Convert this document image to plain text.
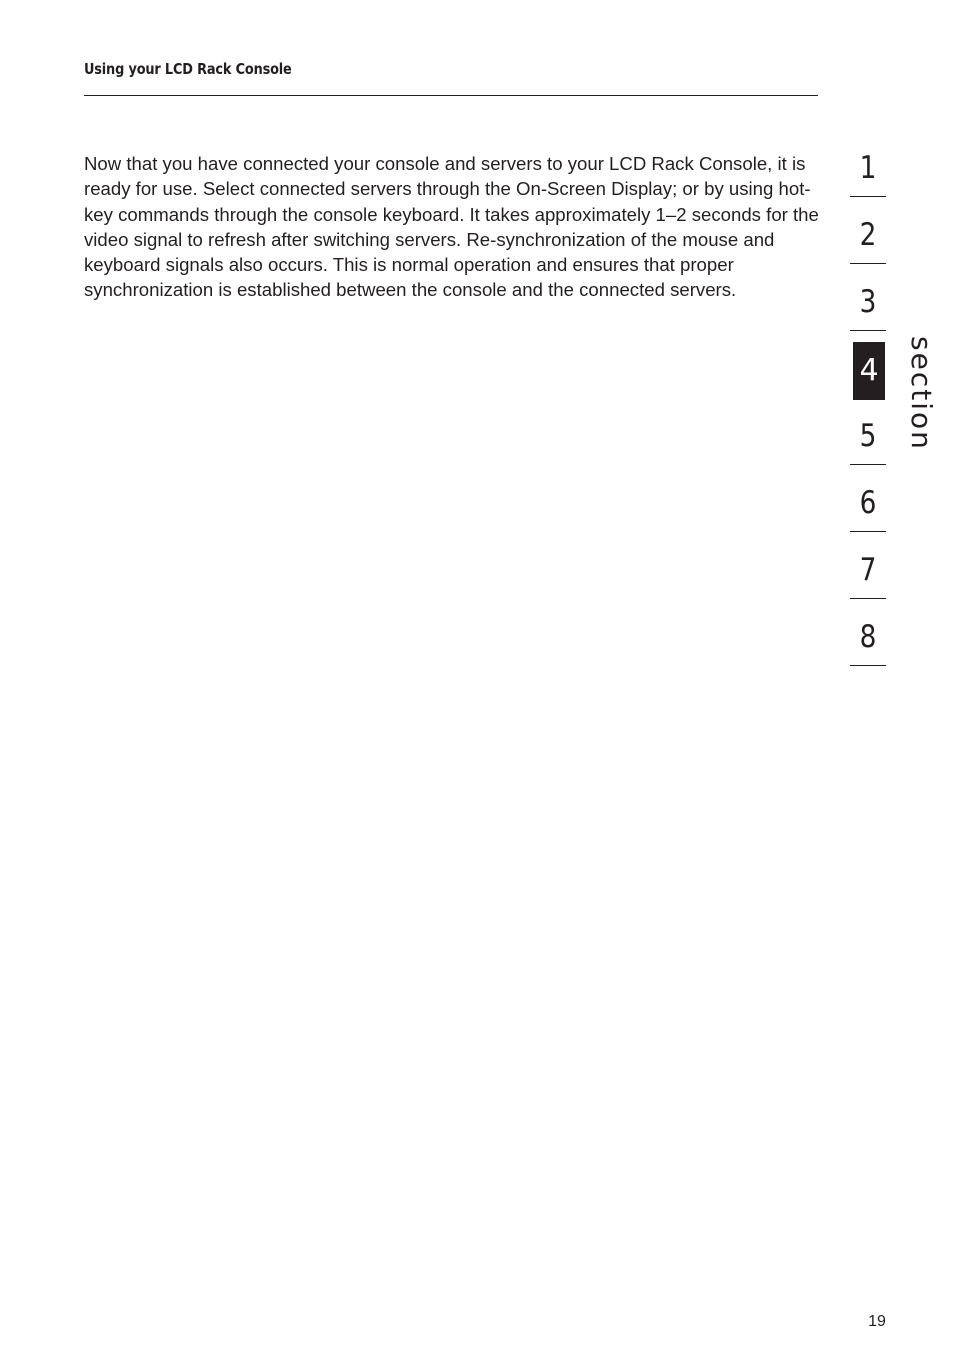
Using your LCD Rack Console

Now that you have connected your console and servers to your LCD Rack Console, it is ready for use. Select connected servers through the On-Screen Display; or by using hot-key commands through the console keyboard. It takes approximately 1–2 seconds for the video signal to refresh after switching servers. Re-synchronization of the mouse and keyboard signals also occurs. This is normal operation and ensures that proper synchronization is established between the console and the connected servers.

1
2
3
4
5
6
7
8
section
19
